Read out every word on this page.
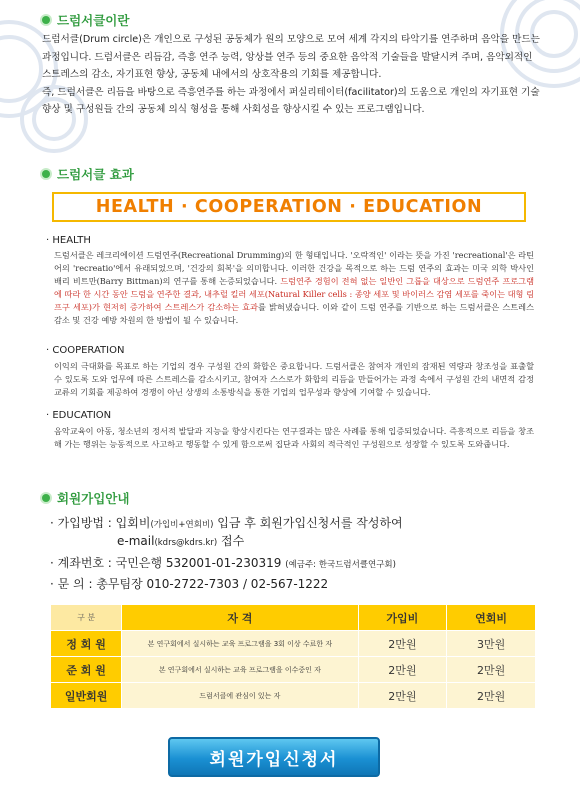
드럼서클이란
드럼서클(Drum circle)은 개인으로 구성된 공동체가 원의 모양으로 모여 세계 각지의 타악기를 연주하며 음악을 만드는
과정입니다. 드럼서클은 리듬감, 즉흥 연주 능력, 앙상블 연주 등의 중요한 음악적 기술들을 발달시켜 주며, 음악외적인
스트레스의 감소, 자기표현 향상, 공동체 내에서의 상호작용의 기회를 제공합니다.
즉, 드럼서클은 리듬을 바탕으로 즉흥연주를 하는 과정에서 퍼실리테이터(facilitator)의 도움으로 개인의 자기표현 기술
향상 및 구성원들 간의 공동체 의식 형성을 통해 사회성을 향상시킬 수 있는 프로그램입니다.
드럼서클 효과
HEALTH · COOPERATION · EDUCATION
· HEALTH
드럼서클은 레크리에이션 드럼연주(Recreational Drumming)의 한 형태입니다. '오락적인' 이라는 뜻을 가진 'recreational'은 라틴어의 'recreatio'에서 유래되었으며, '건강의 회복'을 의미합니다. 이러한 건강을 목적으로 하는 드럼 연주의 효과는 미국 의학 박사인 배리 비트만(Barry Bittman)의 연구를 통해 논증되었습니다. 드럼연주 경험이 전혀 없는 일반인 그룹을 대상으로 드럼연주 프로그램에 따라 한 시간 동안 드럼을 연주한 결과, 내추럴 킬러 세포(Natural Killer cells : 종양 세포 및 바이러스 감염 세포를 죽이는 대형 림프구 세포)가 현저히 증가하여 스트레스가 감소하는 효과를 밝혀냈습니다. 이와 같이 드럼 연주를 기반으로 하는 드럼서클은 스트레스 감소 및 건강 예방 차원의 한 방법이 될 수 있습니다.
· COOPERATION
이익의 극대화를 목표로 하는 기업의 경우 구성원 간의 화합은 중요합니다. 드럼서클은 참여자 개인의 잠재된 역량과 창조성을 표출할 수 있도록 도와 업무에 따른 스트레스를 감소시키고, 참여자 스스로가 화합의 리듬을 만들어가는 과정 속에서 구성원 간의 내면적 감정 교류의 기회를 제공하여 경쟁이 아닌 상생의 소통방식을 통한 기업의 업무성과 향상에 기여할 수 있습니다.
· EDUCATION
음악교육이 아동, 청소년의 정서적 발달과 지능을 향상시킨다는 연구결과는 많은 사례를 통해 입증되었습니다. 즉흥적으로 리듬을 창조해 가는 행위는 능동적으로 사고하고 행동할 수 있게 함으로써 집단과 사회의 적극적인 구성원으로 성장할 수 있도록 도와줍니다.
회원가입안내
· 가입방법 : 입회비(가입비+연회비) 입금 후 회원가입신청서를 작성하여
e-mail(kdrs@kdrs.kr) 접수
· 계좌번호 : 국민은행 532001-01-230319 (예금주: 한국드럼서클연구회)
· 문 의 : 총무팀장 010-2722-7303 / 02-567-1222
구 분	자 격	가입비	연회비
정 회 원	본 연구회에서 실시하는 교육 프로그램을 3회 이상 수료한 자	2만원	3만원
준 회 원	본 연구회에서 실시하는 교육 프로그램을 이수중인 자	2만원	2만원
일반회원	드럼서클에 관심이 있는 자	2만원	2만원
회원가입신청서
